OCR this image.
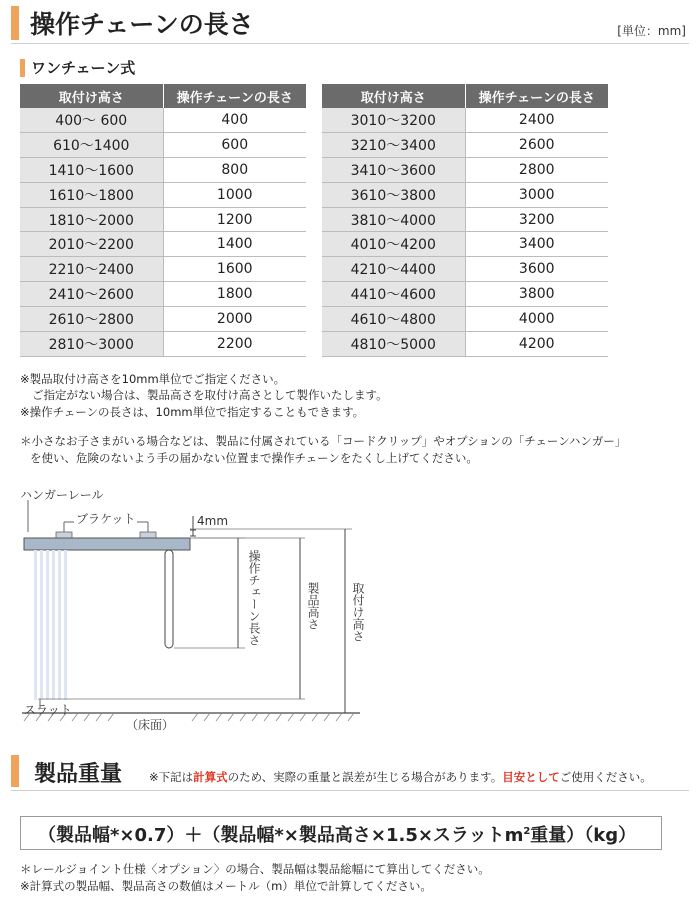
操作チェーンの長さ	[単位：mm]
ワンチェーン式
取付け高さ	操作チェーンの長さ
400～ 600	400
610～1400	600
1410～1600	800
1610～1800	1000
1810～2000	1200
2010～2200	1400
2210～2400	1600
2410～2600	1800
2610～2800	2000
2810～3000	2200
取付け高さ	操作チェーンの長さ
3010～3200	2400
3210～3400	2600
3410～3600	2800
3610～3800	3000
3810～4000	3200
4010～4200	3400
4210～4400	3600
4410～4600	3800
4610～4800	4000
4810～5000	4200
※製品取付け高さを10mm単位でご指定ください。
ご指定がない場合は、製品高さを取付け高さとして製作いたします。
※操作チェーンの長さは、10mm単位で指定することもできます。
＊小さなお子さまがいる場合などは、製品に付属されている「コードクリップ」やオプションの「チェーンハンガー」
を使い、危険のないよう手の届かない位置まで操作チェーンをたくし上げてください。
ハンガーレール
ブラケット	4mm
操作チェーン長さ	製品高さ	取付け高さ
スラット
（床面）
製品重量 ※下記は計算式のため、実際の重量と誤差が生じる場合があります。目安としてご使用ください。
（製品幅*×0.7）＋（製品幅*×製品高さ×1.5×スラット$m^2$重量）（kg）
＊レールジョイント仕様〈オプション〉の場合、製品幅は製品総幅にて算出してください。
※計算式の製品幅、製品高さの数値はメートル（m）単位で計算してください。
